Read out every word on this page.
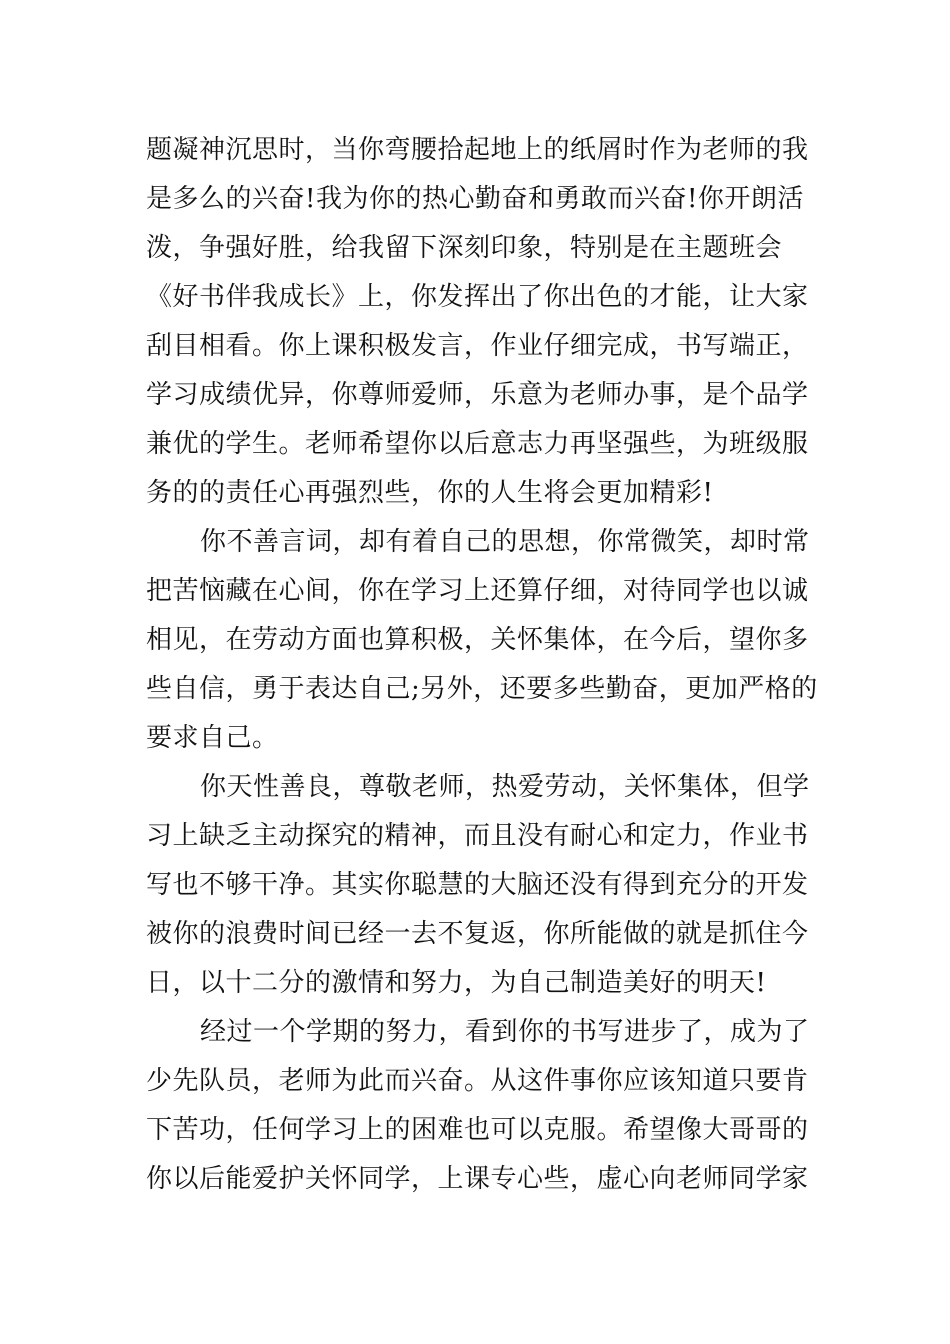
题凝神沉思时，当你弯腰拾起地上的纸屑时作为老师的我
是多么的兴奋!我为你的热心勤奋和勇敢而兴奋!你开朗活
泼，争强好胜，给我留下深刻印象，特别是在主题班会
《好书伴我成长》上，你发挥出了你出色的才能，让大家
刮目相看。你上课积极发言，作业仔细完成，书写端正，
学习成绩优异，你尊师爱师，乐意为老师办事，是个品学
兼优的学生。老师希望你以后意志力再坚强些，为班级服
务的的责任心再强烈些，你的人生将会更加精彩!
你不善言词，却有着自己的思想，你常微笑，却时常
把苦恼藏在心间，你在学习上还算仔细，对待同学也以诚
相见，在劳动方面也算积极，关怀集体，在今后，望你多
些自信，勇于表达自己;另外，还要多些勤奋，更加严格的
要求自己。
你天性善良，尊敬老师，热爱劳动，关怀集体，但学
习上缺乏主动探究的精神，而且没有耐心和定力，作业书
写也不够干净。其实你聪慧的大脑还没有得到充分的开发
被你的浪费时间已经一去不复返，你所能做的就是抓住今
日，以十二分的激情和努力，为自己制造美好的明天!
经过一个学期的努力，看到你的书写进步了，成为了
少先队员，老师为此而兴奋。从这件事你应该知道只要肯
下苦功，任何学习上的困难也可以克服。希望像大哥哥的
你以后能爱护关怀同学，上课专心些，虚心向老师同学家
